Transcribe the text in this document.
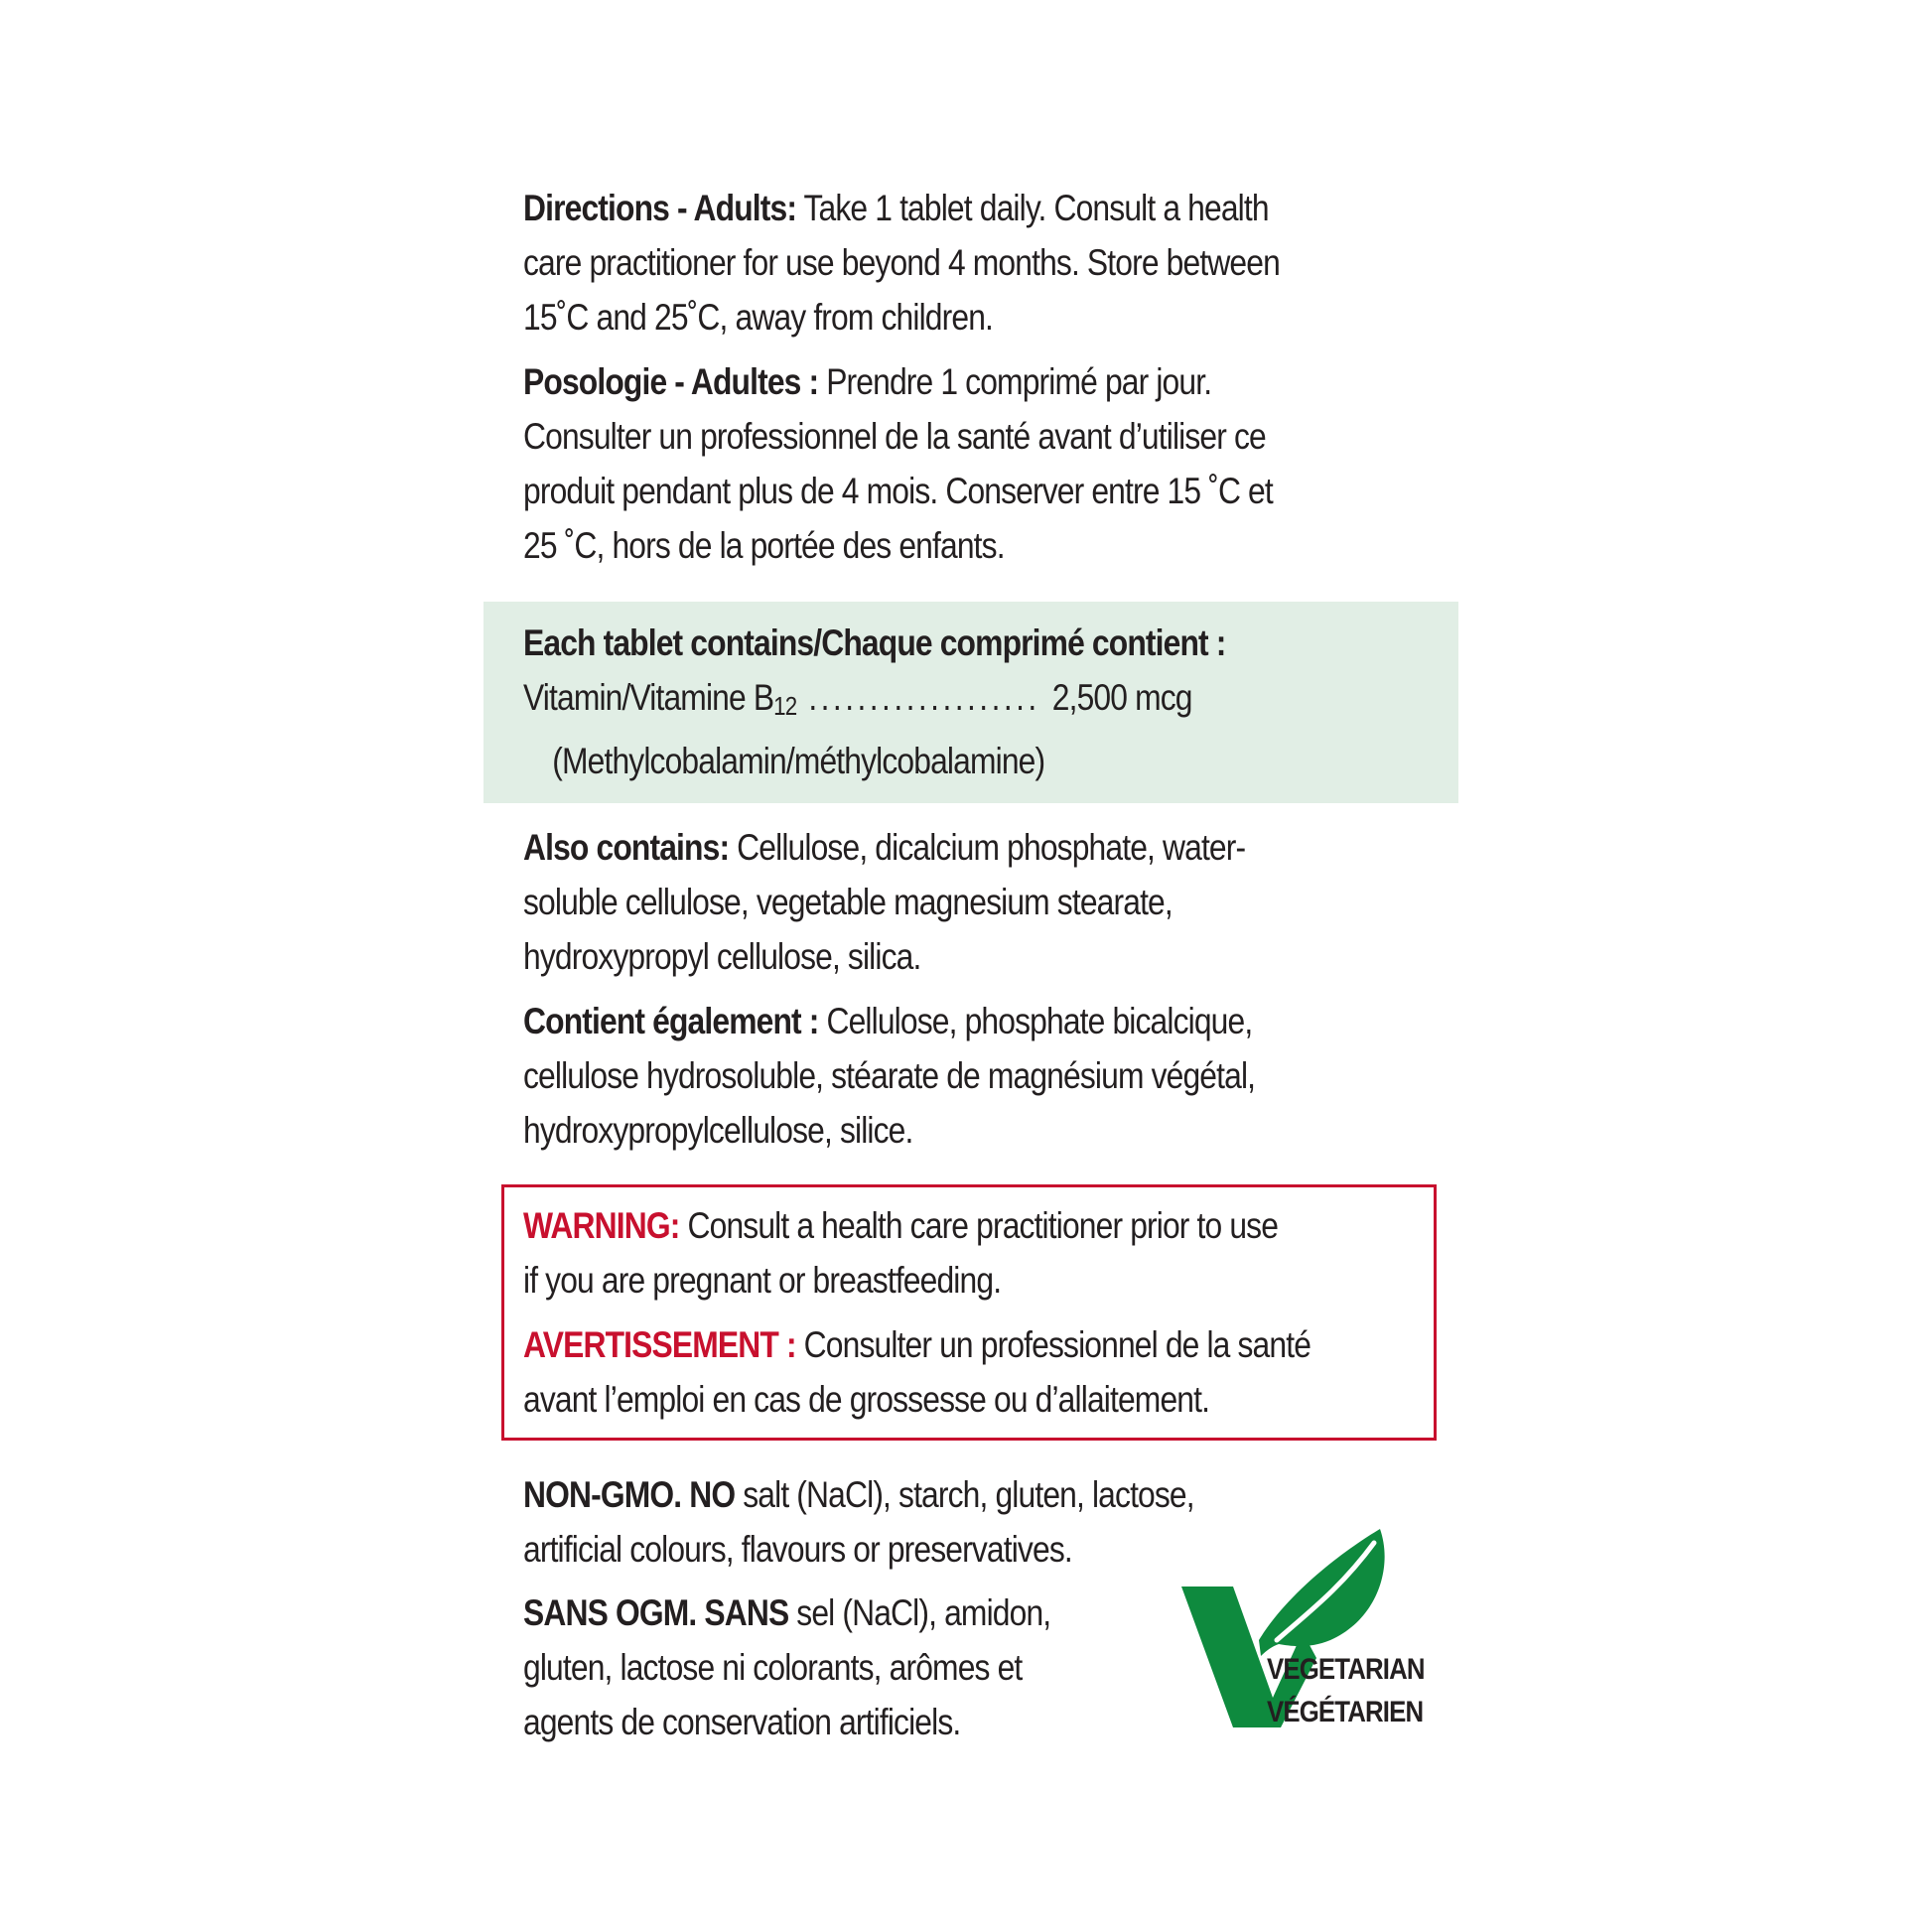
Directions - Adults: Take 1 tablet daily. Consult a health
care practitioner for use beyond 4 months. Store between
15˚C and 25˚C, away from children.
Posologie - Adultes : Prendre 1 comprimé par jour.
Consulter un professionnel de la santé avant d’utiliser ce
produit pendant plus de 4 mois. Conserver entre 15 ˚C et
25 ˚C, hors de la portée des enfants.
Each tablet contains/Chaque comprimé contient :
Vitamin/Vitamine B12 ................... 2,500 mcg
(Methylcobalamin/méthylcobalamine)
Also contains: Cellulose, dicalcium phosphate, water-
soluble cellulose, vegetable magnesium stearate,
hydroxypropyl cellulose, silica.
Contient également : Cellulose, phosphate bicalcique,
cellulose hydrosoluble, stéarate de magnésium végétal,
hydroxypropylcellulose, silice.
WARNING: Consult a health care practitioner prior to use
if you are pregnant or breastfeeding.
AVERTISSEMENT : Consulter un professionnel de la santé
avant l’emploi en cas de grossesse ou d’allaitement.
NON-GMO. NO salt (NaCl), starch, gluten, lactose,
artificial colours, flavours or preservatives.
SANS OGM. SANS sel (NaCl), amidon,
gluten, lactose ni colorants, arômes et
agents de conservation artificiels.
VEGETARIAN
VÉGÉTARIEN
